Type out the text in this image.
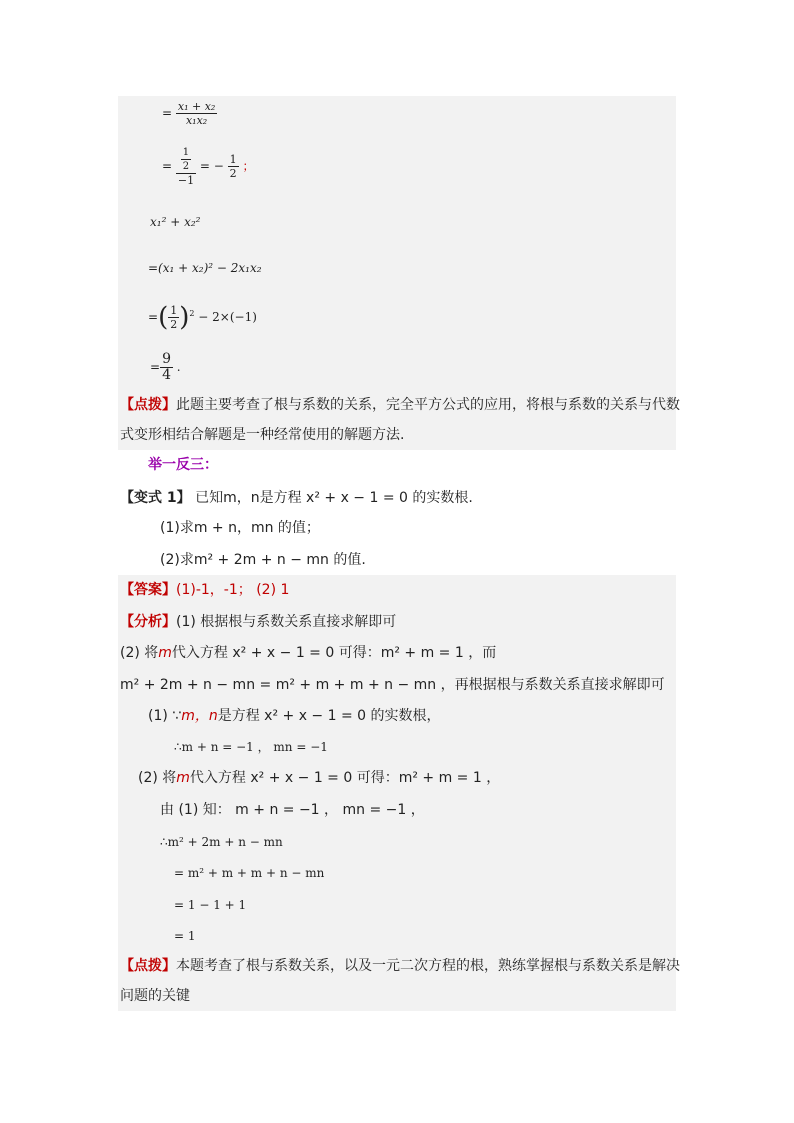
= $\frac{\text{x₁ + x₂}}{\text{x₁x₂}}$
= $\frac{\frac{1}{2}}{-1}$ = − $\frac{1}{2}$ ；
x₁² + x₂²
=(x₁ + x₂)² − 2x₁x₂
=( $\frac{1}{2} )^2 - 2\times(-1)$
= $\frac{9}{4}$ .
【点拨】此题主要考查了根与系数的关系，完全平方公式的应用，将根与系数的关系与代数
式变形相结合解题是一种经常使用的解题方法.
举一反三：
【变式 1】 已知m，n是方程 x² + x − 1 = 0 的实数根.
(1)求m + n，mn 的值；
(2)求m² + 2m + n − mn 的值.
【答案】(1)-1，-1； (2) 1
【分析】(1) 根据根与系数关系直接求解即可
(2) 将m代入方程 x² + x − 1 = 0 可得：m² + m = 1 ，而
m² + 2m + n − mn = m² + m + m + n − mn ，再根据根与系数关系直接求解即可
(1) ∵m，n是方程 x² + x − 1 = 0 的实数根，
∴m + n = −1 ， mn = −1
(2) 将m代入方程 x² + x − 1 = 0 可得：m² + m = 1 ，
由 (1) 知： m + n = −1 ， mn = −1 ，
∴m² + 2m + n − mn
= m² + m + m + n − mn
= 1 − 1 + 1
= 1
【点拨】本题考查了根与系数关系，以及一元二次方程的根，熟练掌握根与系数关系是解决
问题的关键
